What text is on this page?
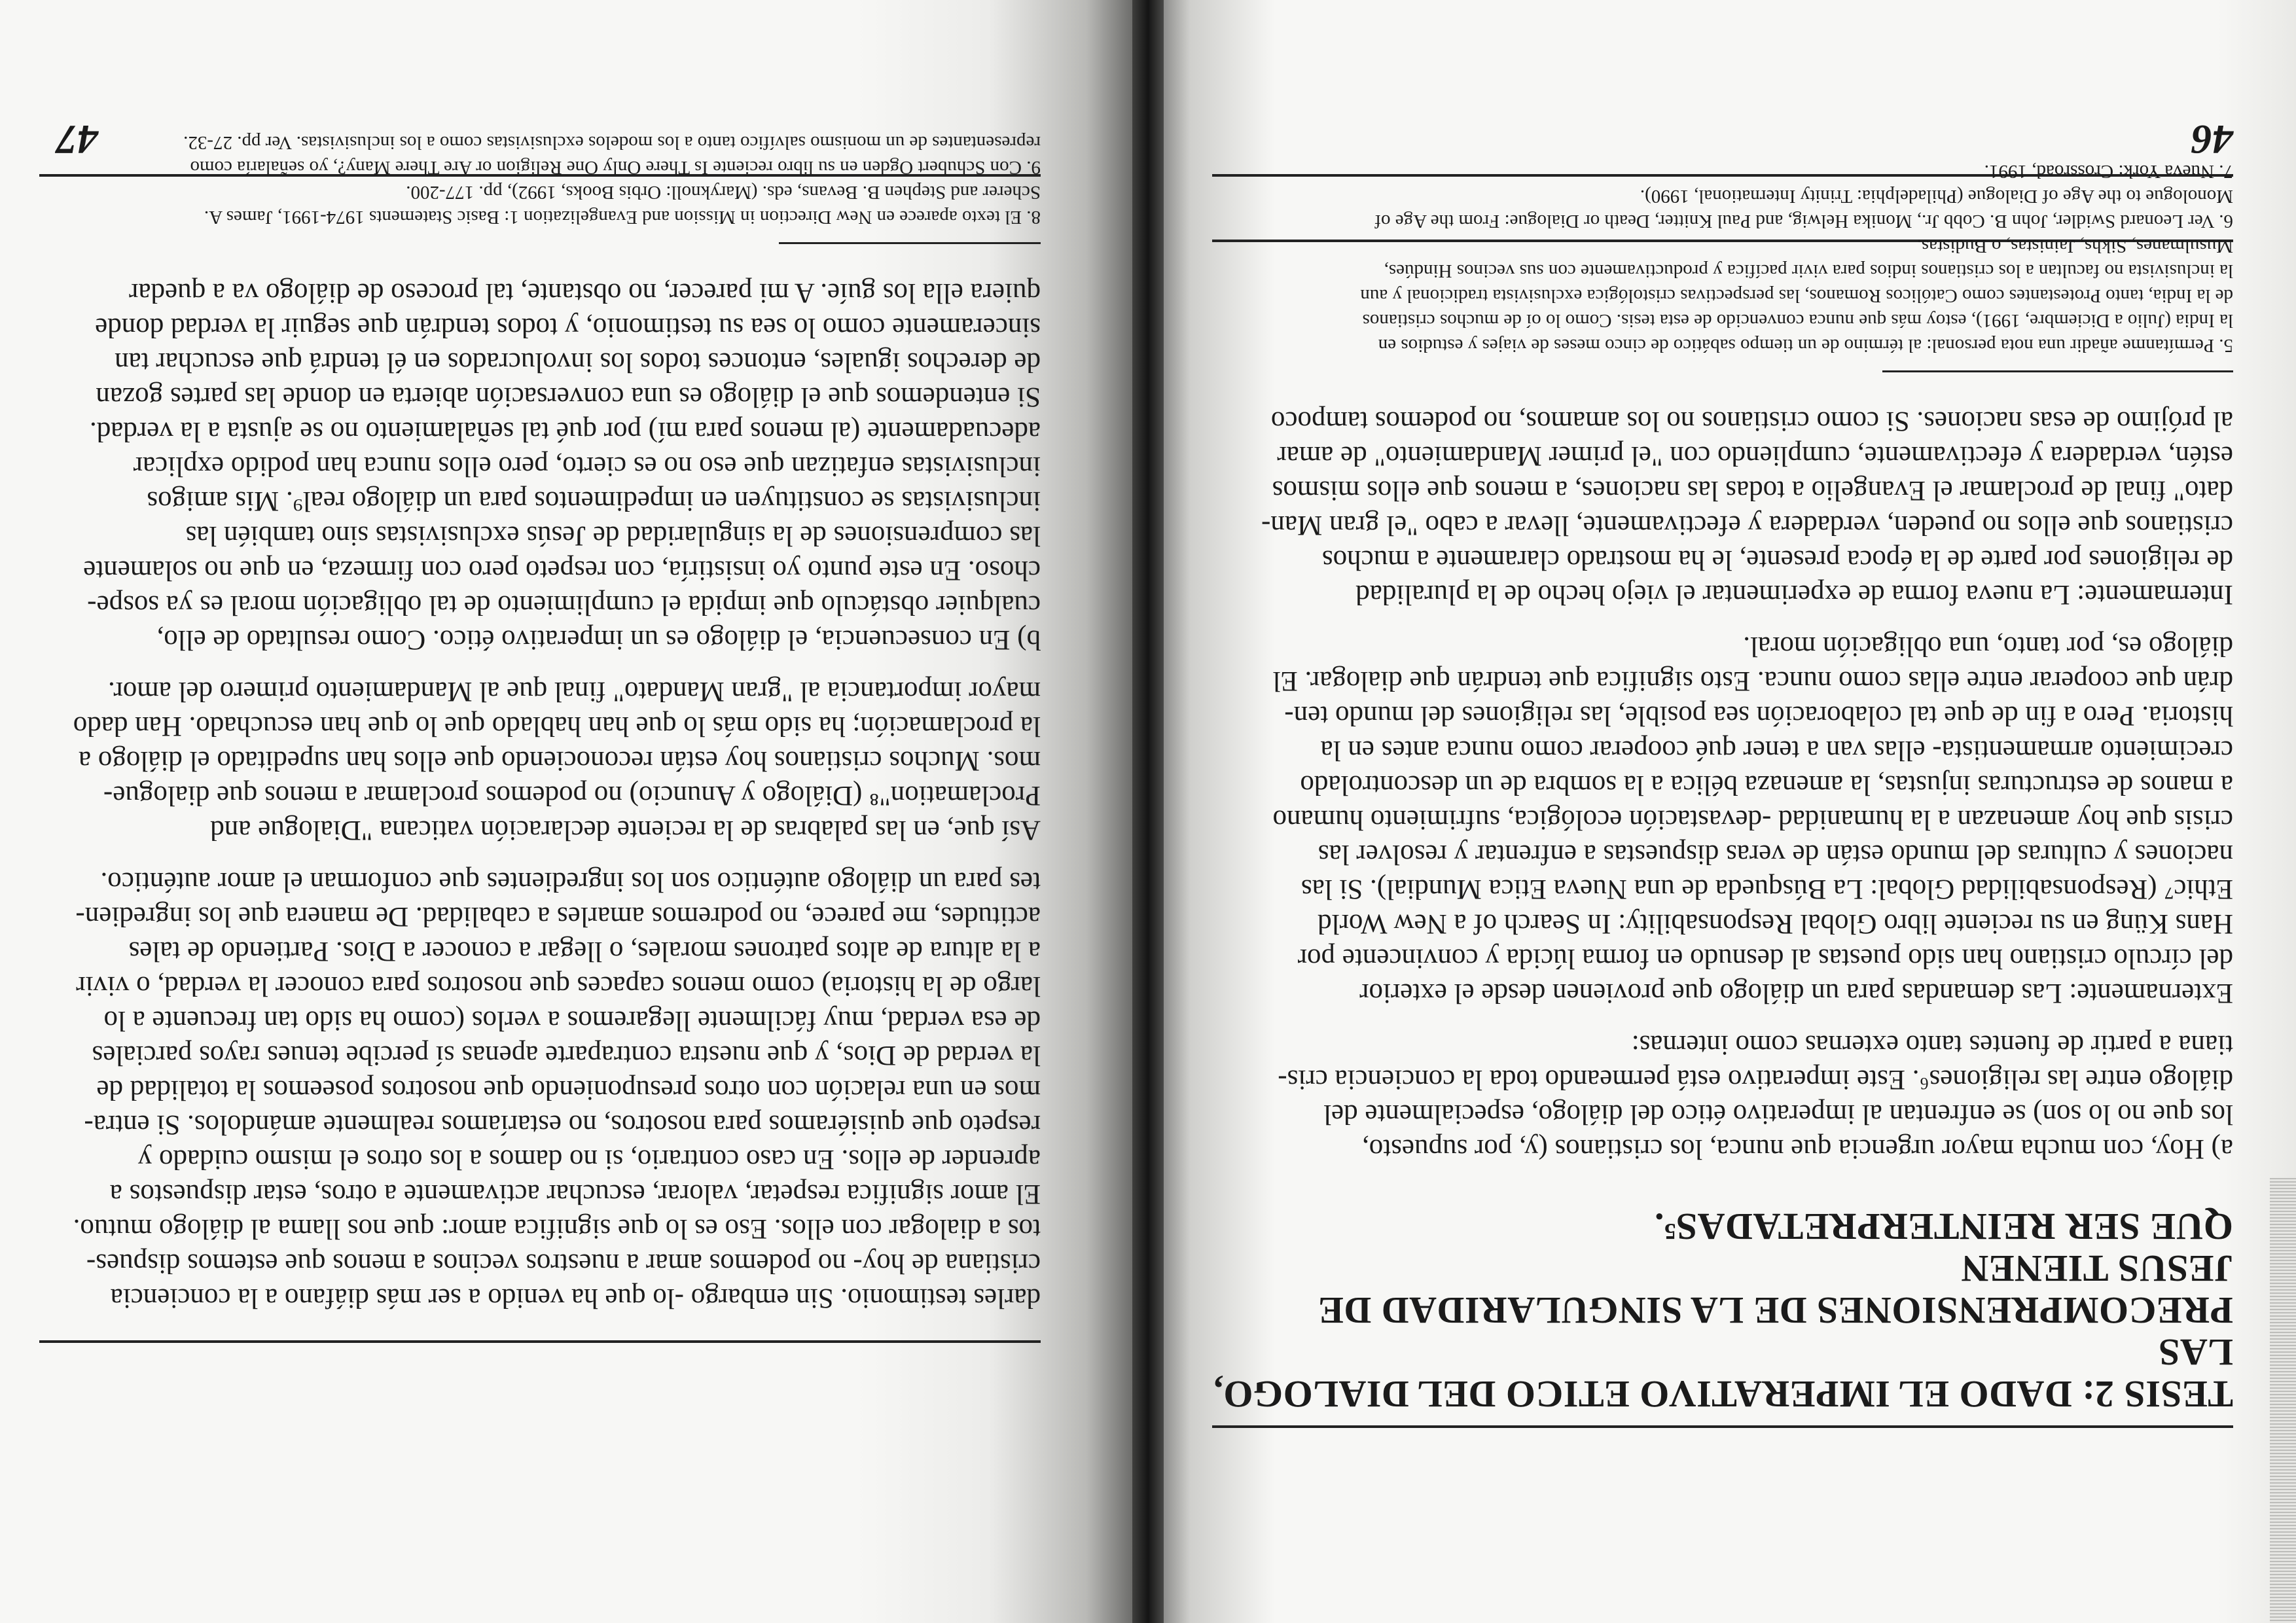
46
5. Permítanme añadir una nota personal: al término de un tiempo sabático de cinco meses de viajes y estudios en
la India (Julio a Diciembre, 1991), estoy más que nunca convencido de esta tesis. Como lo oí de muchos cristianos
de la India, tanto Protestantes como Católicos Romanos, las perspectivas cristológica exclusivista tradicional y aun
la inclusivista no facultan a los cristianos indios para vivir pacífica y productivamente con sus vecinos Hindúes,
Musulmanes, Sikhs, Jainistas, o Budistas.
6. Ver Leonard Swidler, John B. Cobb Jr., Monika Helwig, and Paul Knitter, Death or Dialogue: From the Age of
Monologue to the Age of Dialogue (Philadelphia: Trinity International, 1990).
7. Nueva York: Crossroad, 1991.
a) Hoy, con mucha mayor urgencia que nunca, los cristianos (y, por supuesto,
los que no lo son) se enfrentan al imperativo ético del diálogo, especialmente del
diálogo entre las religiones⁶. Este imperativo está permeando toda la conciencia cris-
tiana a partir de fuentes tanto externas como internas:
Externamente: Las demandas para un diálogo que provienen desde el exterior
del círculo cristiano han sido puestas al desnudo en forma lúcida y convincente por
Hans Küng en su reciente libro Global Responsability: In Search of a New World
Ethic⁷ (Responsabilidad Global: La Búsqueda de una Nueva Etica Mundial). Si las
naciones y culturas del mundo están de veras dispuestas a enfrentar y resolver las
crisis que hoy amenazan a la humanidad -devastación ecológica, sufrimiento humano
a manos de estructuras injustas, la amenaza bélica a la sombra de un descontrolado
crecimiento armamentista- ellas van a tener qué cooperar como nunca antes en la
historia. Pero a fin de que tal colaboración sea posible, las religiones del mundo ten-
drán que cooperar entre ellas como nunca. Esto significa que tendrán que dialogar. El
diálogo es, por tanto, una obligación moral.
Internamente: La nueva forma de experimentar el viejo hecho de la pluralidad
de religiones por parte de la época presente, le ha mostrado claramente a muchos
cristianos que ellos no pueden, verdadera y efectivamente, llevar a cabo "el gran Man-
dato" final de proclamar el Evangelio a todas las naciones, a menos que ellos mismos
estén, verdadera y efectivamente, cumpliendo con "el primer Mandamiento" de amar
al prójimo de esas naciones. Si como cristianos no los amamos, no podemos tampoco
TESIS 2: DADO EL IMPERATIVO ETICO DEL DIALOGO, LAS
PRECOMPRENSIONES DE LA SINGULARIDAD DE JESUS TIENEN
QUE SER REINTERPRETADAS⁵.
47
8. El texto aparece en New Direction in Mission and Evangelization 1: Basic Statements 1974-1991, James A.
Scherer and Stephen B. Bevans, eds. (Maryknoll: Orbis Books, 1992), pp. 177-200.
9. Con Schubert Ogden en su libro reciente Is There Only One Religion or Are There Many?, yo señalaría como
representantes de un monismo salvífico tanto a los modelos exclusivistas como a los inclusivistas. Ver pp. 27-32.
darles testimonio. Sin embargo -lo que ha venido a ser más diáfano a la conciencia
cristiana de hoy- no podemos amar a nuestros vecinos a menos que estemos dispues-
tos a dialogar con ellos. Eso es lo que significa amor: que nos llama al diálogo mutuo.
El amor significa respetar, valorar, escuchar activamente a otros, estar dispuestos a
aprender de ellos. En caso contrario, si no damos a los otros el mismo cuidado y
respeto que quisiéramos para nosotros, no estaríamos realmente amándolos. Si entra-
mos en una relación con otros presuponiendo que nosotros poseemos la totalidad de
la verdad de Dios, y que nuestra contraparte apenas sí percibe tenues rayos parciales
de esa verdad, muy fácilmente llegaremos a verlos (como ha sido tan frecuente a lo
largo de la historia) como menos capaces que nosotros para conocer la verdad, o vivir
a la altura de altos patrones morales, o llegar a conocer a Dios. Partiendo de tales
actitudes, me parece, no podremos amarles a cabalidad. De manera que los ingredien-
tes para un diálogo auténtico son los ingredientes que conforman el amor auténtico.
Así que, en las palabras de la reciente declaración vaticana "Dialogue and
Proclamation"⁸ (Diálogo y Anuncio) no podemos proclamar a menos que dialogue-
mos. Muchos cristianos hoy están reconociendo que ellos han supeditado el diálogo a
la proclamación; ha sido más lo que han hablado que lo que han escuchado. Han dado
mayor importancia al "gran Mandato" final que al Mandamiento primero del amor.
b) En consecuencia, el diálogo es un imperativo ético. Como resultado de ello,
cualquier obstáculo que impida el cumplimiento de tal obligación moral es ya sospe-
choso. En este punto yo insistiría, con respeto pero con firmeza, en que no solamente
las comprensiones de la singularidad de Jesús exclusivistas sino también las
inclusivistas se constituyen en impedimentos para un diálogo real⁹. Mis amigos
inclusivistas enfatizan que eso no es cierto, pero ellos nunca han podido explicar
adecuadamente (al menos para mí) por qué tal señalamiento no se ajusta a la verdad.
Si entendemos que el diálogo es una conversación abierta en donde las partes gozan
de derechos iguales, entonces todos los involucrados en él tendrá que escuchar tan
sinceramente como lo sea su testimonio, y todos tendrán que seguir la verdad donde
quiera ella los guíe. A mi parecer, no obstante, tal proceso de diálogo va a quedar
